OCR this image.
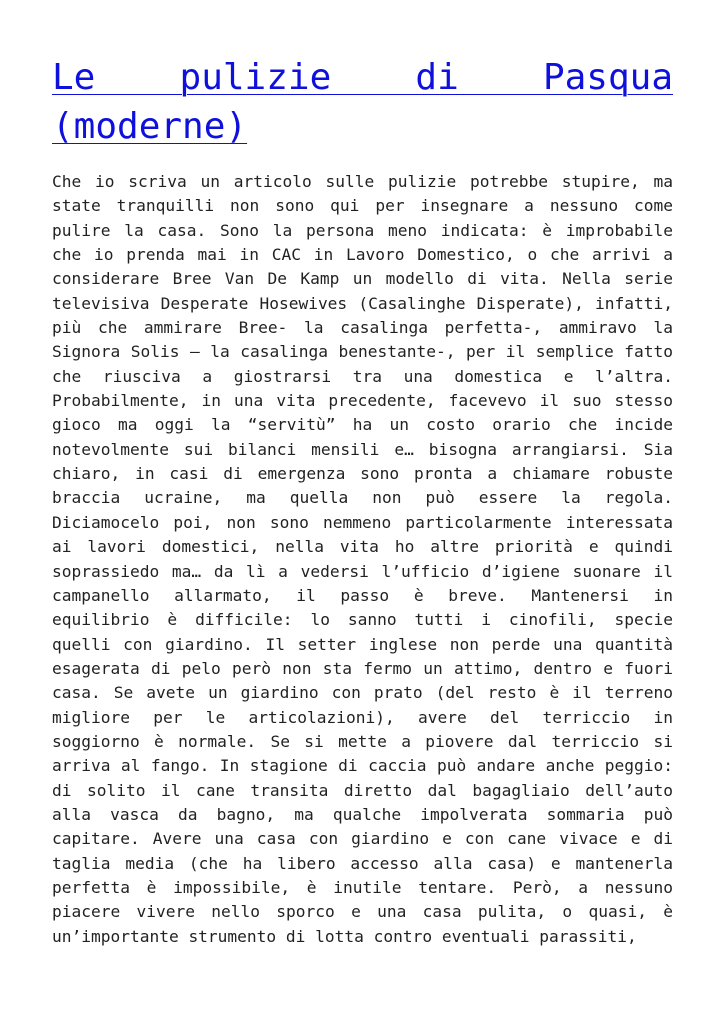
Le pulizie di Pasqua (moderne)

Che io scriva un articolo sulle pulizie potrebbe stupire, ma state tranquilli non sono qui per insegnare a nessuno come pulire la casa. Sono la persona meno indicata: è improbabile che io prenda mai in CAC in Lavoro Domestico, o che arrivi a considerare Bree Van De Kamp un modello di vita. Nella serie televisiva Desperate Hosewives (Casalinghe Disperate), infatti, più che ammirare Bree- la casalinga perfetta-, ammiravo la Signora Solis – la casalinga benestante-, per il semplice fatto che riusciva a giostrarsi tra una domestica e l’altra. Probabilmente, in una vita precedente, facevevo il suo stesso gioco ma oggi la “servitù” ha un costo orario che incide notevolmente sui bilanci mensili e… bisogna arrangiarsi. Sia chiaro, in casi di emergenza sono pronta a chiamare robuste braccia ucraine, ma quella non può essere la regola. Diciamocelo poi, non sono nemmeno particolarmente interessata ai lavori domestici, nella vita ho altre priorità e quindi soprassiedo ma… da lì a vedersi l’ufficio d’igiene suonare il campanello allarmato, il passo è breve. Mantenersi in equilibrio è difficile: lo sanno tutti i cinofili, specie quelli con giardino. Il setter inglese non perde una quantità esagerata di pelo però non sta fermo un attimo, dentro e fuori casa. Se avete un giardino con prato (del resto è il terreno migliore per le articolazioni), avere del terriccio in soggiorno è normale. Se si mette a piovere dal terriccio si arriva al fango. In stagione di caccia può andare anche peggio: di solito il cane transita diretto dal bagagliaio dell’auto alla vasca da bagno, ma qualche impolverata sommaria può capitare. Avere una casa con giardino e con cane vivace e di taglia media (che ha libero accesso alla casa) e mantenerla perfetta è impossibile, è inutile tentare. Però, a nessuno piacere vivere nello sporco e una casa pulita, o quasi, è un’importante strumento di lotta contro eventuali parassiti,
